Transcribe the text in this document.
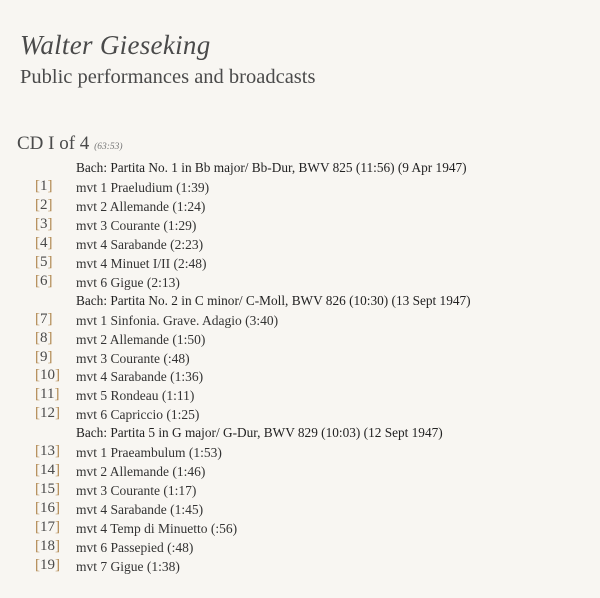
Walter Gieseking
Public performances and broadcasts
CD I of 4 (63:53)
Bach: Partita No. 1 in Bb major/ Bb-Dur, BWV 825 (11:56) (9 Apr 1947)
[1] mvt 1 Praeludium (1:39)
[2] mvt 2 Allemande (1:24)
[3] mvt 3 Courante (1:29)
[4] mvt 4 Sarabande (2:23)
[5] mvt 4 Minuet I/II (2:48)
[6] mvt 6 Gigue (2:13)
Bach: Partita No. 2 in C minor/ C-Moll, BWV 826 (10:30) (13 Sept 1947)
[7] mvt 1 Sinfonia. Grave. Adagio (3:40)
[8] mvt 2 Allemande (1:50)
[9] mvt 3 Courante (:48)
[10] mvt 4 Sarabande (1:36)
[11] mvt 5 Rondeau (1:11)
[12] mvt 6 Capriccio (1:25)
Bach: Partita 5 in G major/ G-Dur, BWV 829 (10:03) (12 Sept 1947)
[13] mvt 1 Praeambulum (1:53)
[14] mvt 2 Allemande (1:46)
[15] mvt 3 Courante (1:17)
[16] mvt 4 Sarabande (1:45)
[17] mvt 4 Temp di Minuetto (:56)
[18] mvt 6 Passepied (:48)
[19] mvt 7 Gigue (1:38)
